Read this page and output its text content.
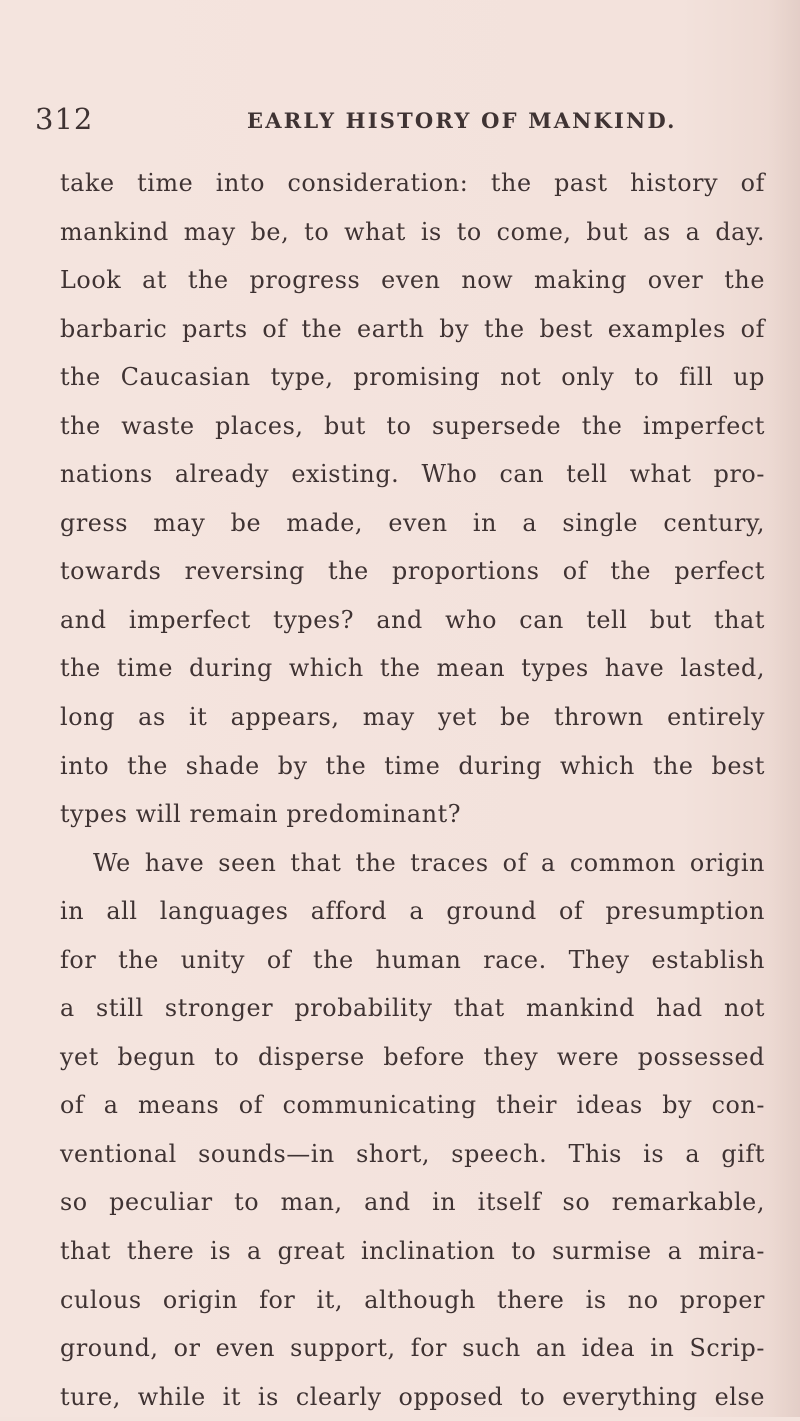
312	EARLY HISTORY OF MANKIND.
take time into consideration: the past history of
mankind may be, to what is to come, but as a day.
Look at the progress even now making over the
barbaric parts of the earth by the best examples of
the Caucasian type, promising not only to fill up
the waste places, but to supersede the imperfect
nations already existing. Who can tell what pro-
gress may be made, even in a single century,
towards reversing the proportions of the perfect
and imperfect types? and who can tell but that
the time during which the mean types have lasted,
long as it appears, may yet be thrown entirely
into the shade by the time during which the best
types will remain predominant?
We have seen that the traces of a common origin
in all languages afford a ground of presumption
for the unity of the human race. They establish
a still stronger probability that mankind had not
yet begun to disperse before they were possessed
of a means of communicating their ideas by con-
ventional sounds—in short, speech. This is a gift
so peculiar to man, and in itself so remarkable,
that there is a great inclination to surmise a mira-
culous origin for it, although there is no proper
ground, or even support, for such an idea in Scrip-
ture, while it is clearly opposed to everything else
